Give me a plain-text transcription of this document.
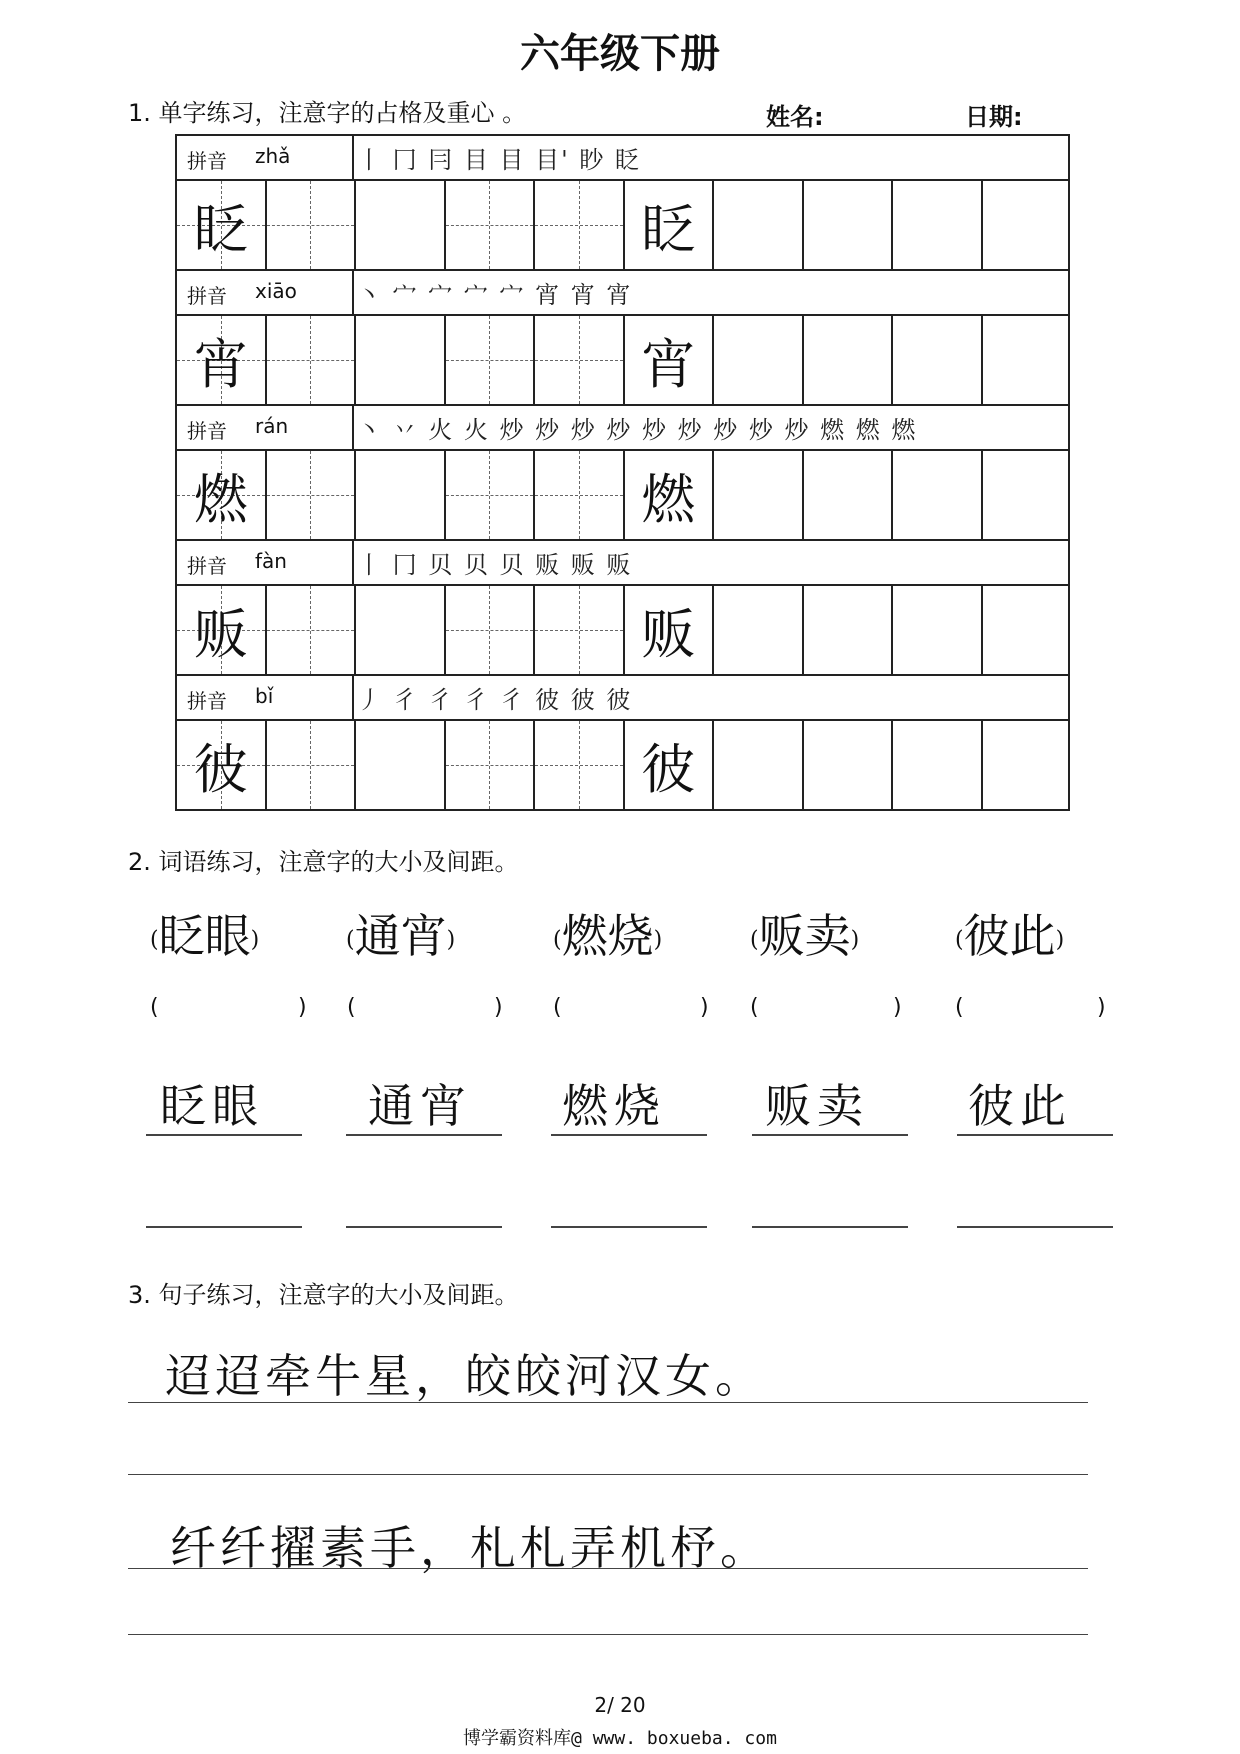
六年级下册
1. 单字练习，注意字的占格及重心 。	姓名:	日期:
拼音 zhǎ	丨 冂 冃 目 目 目' 眇 眨
眨	眨
拼音 xiāo	丶 宀 宀 宀 宀 宵 宵 宵
宵	宵
拼音 rán	丶 丷 火 火 炒 炒 炒 炒 炒 炒 炒 炒 炒 燃 燃 燃
燃	燃
拼音 fàn	丨 冂 贝 贝 贝 贩 贩 贩
贩	贩
拼音 bǐ	丿 彳 彳 彳 彳 彼 彼 彼
彼	彼
2. 词语练习，注意字的大小及间距。
(眨眼)	(通宵)	(燃烧)	(贩卖)	(彼此)
(	) (	) (	) (	) (	)
眨眼 通宵 燃烧 贩卖 彼此
3. 句子练习，注意字的大小及间距。
迢迢牵牛星，皎皎河汉女。
纤纤擢素手，札札弄机杼。
2/ 20
博学霸资料库@ www. boxueba. com
